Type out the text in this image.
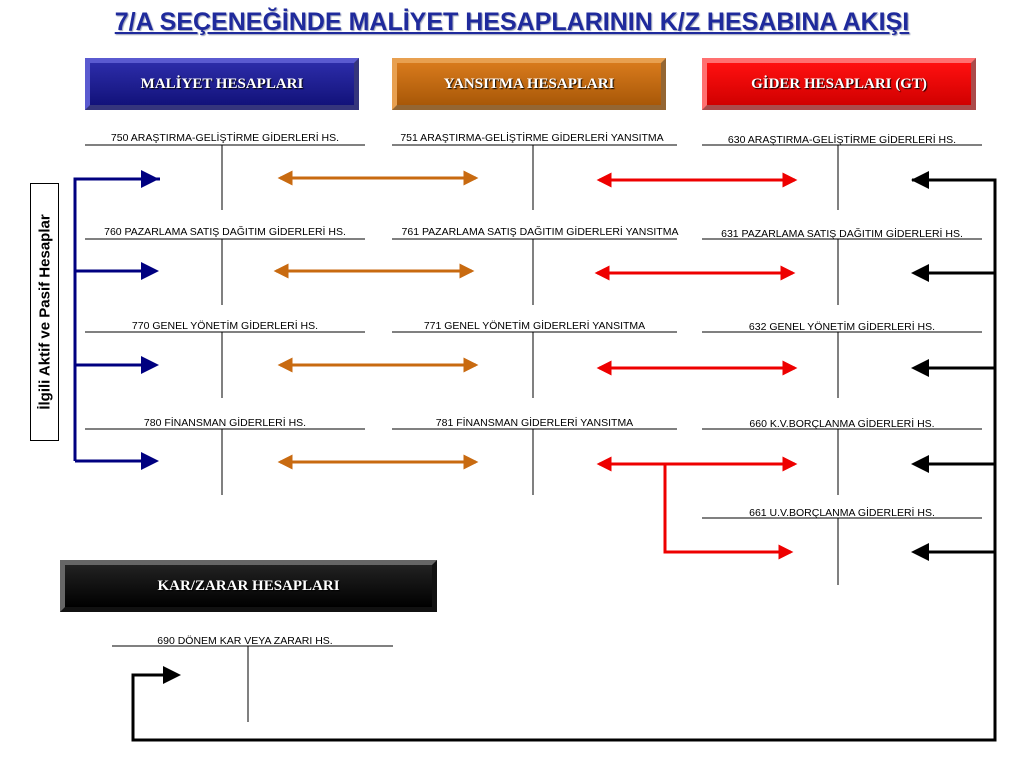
7/A SEÇENEĞİNDE MALİYET HESAPLARININ K/Z HESABINA AKIŞI
MALİYET HESAPLARI	YANSITMA HESAPLARI	GİDER HESAPLARI (GT)
KAR/ZARAR HESAPLARI
İlgili Aktif ve Pasif Hesaplar
750 ARAŞTIRMA-GELİŞTİRME GİDERLERİ HS.
760 PAZARLAMA SATIŞ DAĞITIM GİDERLERİ HS.
770 GENEL YÖNETİM GİDERLERİ HS.
780 FİNANSMAN GİDERLERİ HS.
751 ARAŞTIRMA-GELİŞTİRME GİDERLERİ YANSITMA
761 PAZARLAMA SATIŞ DAĞITIM GİDERLERİ YANSITMA
771 GENEL YÖNETİM GİDERLERİ YANSITMA
781 FİNANSMAN GİDERLERİ YANSITMA
630 ARAŞTIRMA-GELİŞTİRME GİDERLERİ HS.
631 PAZARLAMA SATIŞ DAĞITIM GİDERLERİ HS.
632 GENEL YÖNETİM GİDERLERİ HS.
660 K.V.BORÇLANMA GİDERLERİ HS.
661 U.V.BORÇLANMA GİDERLERİ HS.
690 DÖNEM KAR VEYA ZARARI HS.
